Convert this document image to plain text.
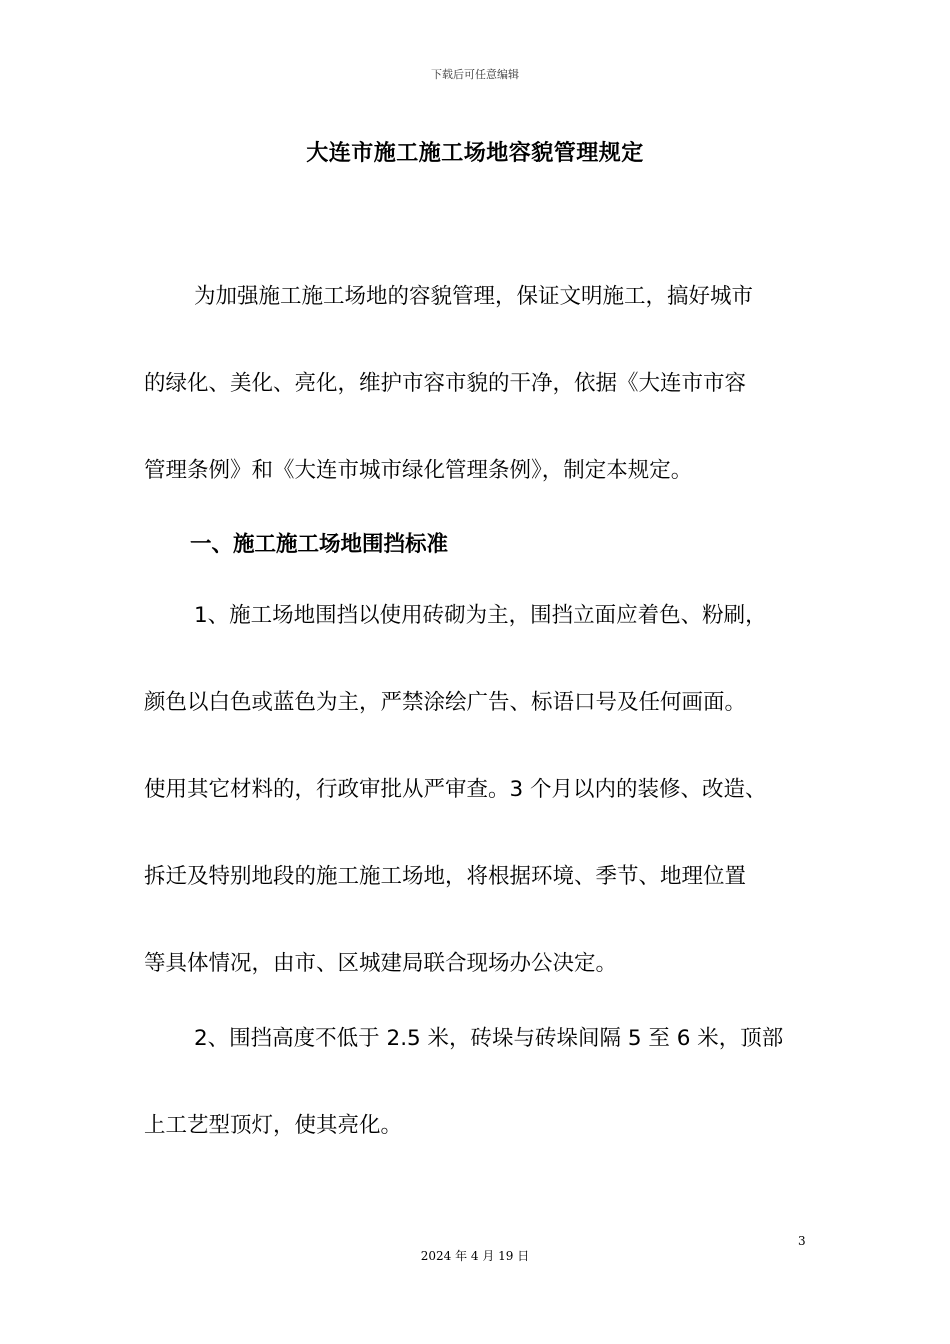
下载后可任意编辑
大连市施工施工场地容貌管理规定
为加强施工施工场地的容貌管理，保证文明施工，搞好城市
的绿化、美化、亮化，维护市容市貌的干净，依据《大连市市容
管理条例》和《大连市城市绿化管理条例》，制定本规定。
一、施工施工场地围挡标准
1、施工场地围挡以使用砖砌为主，围挡立面应着色、粉刷，
颜色以白色或蓝色为主，严禁涂绘广告、标语口号及任何画面。
使用其它材料的，行政审批从严审查。3 个月以内的装修、改造、
拆迁及特别地段的施工施工场地，将根据环境、季节、地理位置
等具体情况，由市、区城建局联合现场办公决定。
2、围挡高度不低于 2.5 米，砖垛与砖垛间隔 5 至 6 米，顶部
上工艺型顶灯，使其亮化。
3
2024 年 4 月 19 日
